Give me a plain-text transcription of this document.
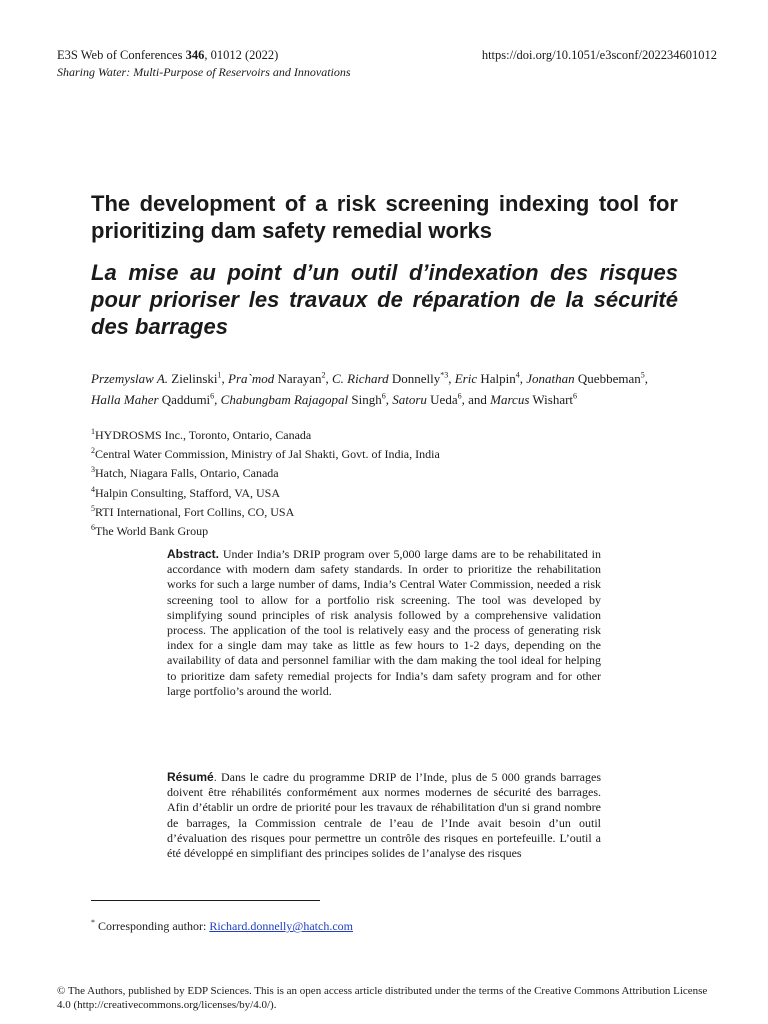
E3S Web of Conferences 346, 01012 (2022)	https://doi.org/10.1051/e3sconf/202234601012
Sharing Water: Multi-Purpose of Reservoirs and Innovations
The development of a risk screening indexing tool for prioritizing dam safety remedial works
La mise au point d’un outil d’indexation des risques pour prioriser les travaux de réparation de la sécurité des barrages

Przemyslaw A. Zielinski$^1$, Pra`mod Narayan$^2$, C. Richard Donnelly$^{*3}$, Eric Halpin$^4$, Jonathan Quebbeman$^5$, Halla Maher Qaddumi$^6$, Chabungbam Rajagopal Singh$^6$, Satoru Ueda$^6$, and Marcus Wishart$^6$

$^1$HYDROSMS Inc., Toronto, Ontario, Canada
$^2$Central Water Commission, Ministry of Jal Shakti, Govt. of India, India
$^3$Hatch, Niagara Falls, Ontario, Canada
$^4$Halpin Consulting, Stafford, VA, USA
$^5$RTI International, Fort Collins, CO, USA
$^6$The World Bank Group

Abstract. Under India’s DRIP program over 5,000 large dams are to be rehabilitated in accordance with modern dam safety standards. In order to prioritize the rehabilitation works for such a large number of dams, India’s Central Water Commission, needed a risk screening tool to allow for a portfolio risk screening. The tool was developed by simplifying sound principles of risk analysis followed by a comprehensive validation process. The application of the tool is relatively easy and the process of generating risk index for a single dam may take as little as few hours to 1-2 days, depending on the availability of data and personnel familiar with the dam making the tool ideal for helping to prioritize dam safety remedial projects for India’s dam safety program and for other large portfolio’s around the world.

Résumé. Dans le cadre du programme DRIP de l’Inde, plus de 5 000 grands barrages doivent être réhabilités conformément aux normes modernes de sécurité des barrages. Afin d’établir un ordre de priorité pour les travaux de réhabilitation d'un si grand nombre de barrages, la Commission centrale de l’eau de l’Inde avait besoin d’un outil d’évaluation des risques pour permettre un contrôle des risques en portefeuille. L’outil a été développé en simplifiant des principes solides de l’analyse des risques

* Corresponding author: Richard.donnelly@hatch.com

© The Authors, published by EDP Sciences. This is an open access article distributed under the terms of the Creative Commons Attribution License 4.0 (http://creativecommons.org/licenses/by/4.0/).
